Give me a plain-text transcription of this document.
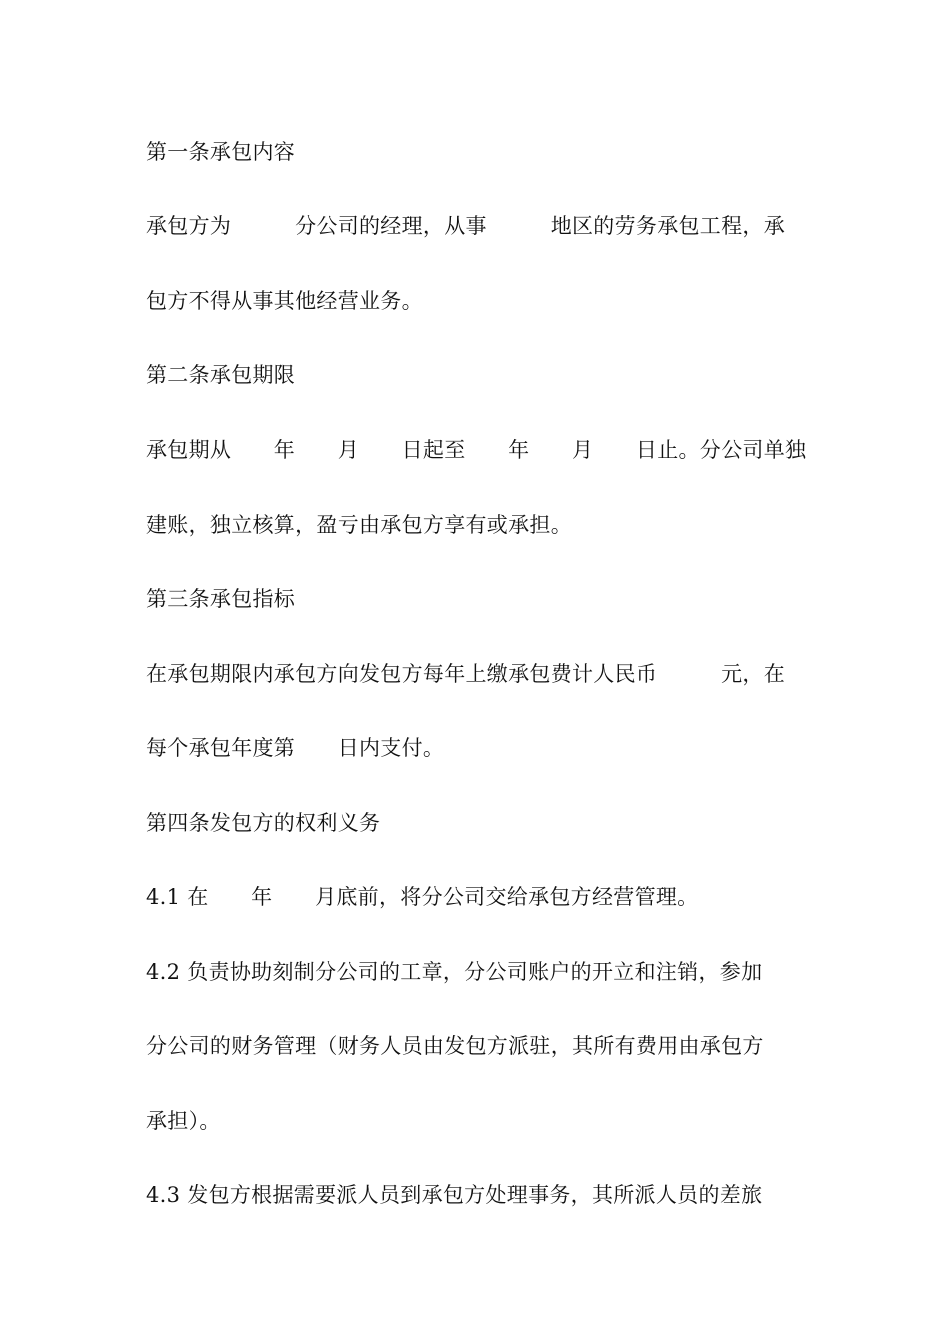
第一条承包内容
承包方为　　　分公司的经理，从事　　　地区的劳务承包工程，承
包方不得从事其他经营业务。
第二条承包期限
承包期从　　年　　月　　日起至　　年　　月　　日止。分公司单独
建账，独立核算，盈亏由承包方享有或承担。
第三条承包指标
在承包期限内承包方向发包方每年上缴承包费计人民币　　　元，在
每个承包年度第　　日内支付。
第四条发包方的权利义务
4.1 在　　年　　月底前，将分公司交给承包方经营管理。
4.2 负责协助刻制分公司的工章，分公司账户的开立和注销，参加
分公司的财务管理（财务人员由发包方派驻，其所有费用由承包方
承担）。
4.3 发包方根据需要派人员到承包方处理事务，其所派人员的差旅
